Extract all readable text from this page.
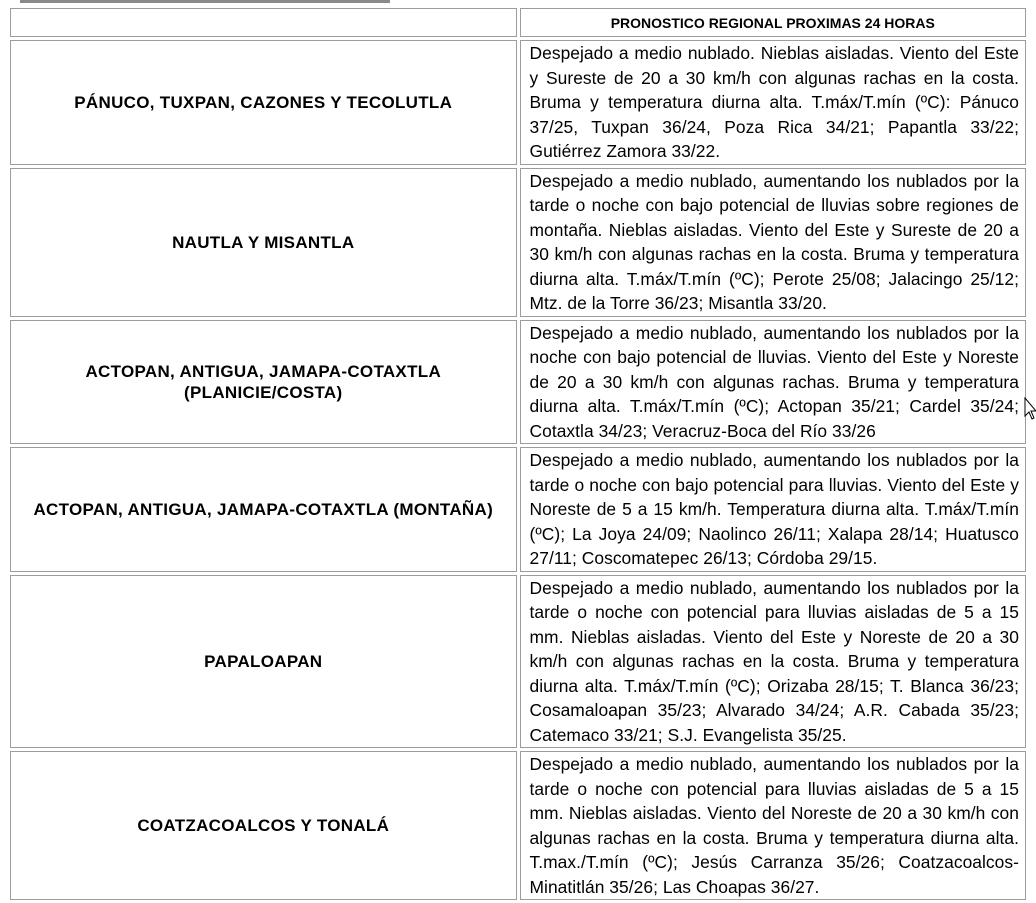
	PRONOSTICO REGIONAL PROXIMAS 24 HORAS
PÁNUCO, TUXPAN, CAZONES Y TECOLUTLA	Despejado a medio nublado. Nieblas aisladas. Viento del Este y Sureste de 20 a 30 km/h con algunas rachas en la costa. Bruma y temperatura diurna alta. T.máx/T.mín (ºC): Pánuco 37/25, Tuxpan 36/24, Poza Rica 34/21; Papantla 33/22; Gutiérrez Zamora 33/22.
NAUTLA Y MISANTLA	Despejado a medio nublado, aumentando los nublados por la tarde o noche con bajo potencial de lluvias sobre regiones de montaña. Nieblas aisladas. Viento del Este y Sureste de 20 a 30 km/h con algunas rachas en la costa. Bruma y temperatura diurna alta. T.máx/T.mín (ºC); Perote 25/08; Jalacingo 25/12; Mtz. de la Torre 36/23; Misantla 33/20.
ACTOPAN, ANTIGUA, JAMAPA-COTAXTLA (PLANICIE/COSTA)	Despejado a medio nublado, aumentando los nublados por la noche con bajo potencial de lluvias. Viento del Este y Noreste de 20 a 30 km/h con algunas rachas. Bruma y temperatura diurna alta. T.máx/T.mín (ºC); Actopan 35/21; Cardel 35/24; Cotaxtla 34/23; Veracruz-Boca del Río 33/26
ACTOPAN, ANTIGUA, JAMAPA-COTAXTLA (MONTAÑA)	Despejado a medio nublado, aumentando los nublados por la tarde o noche con bajo potencial para lluvias. Viento del Este y Noreste de 5 a 15 km/h. Temperatura diurna alta. T.máx/T.mín (ºC); La Joya 24/09; Naolinco 26/11; Xalapa 28/14; Huatusco 27/11; Coscomatepec 26/13; Córdoba 29/15.
PAPALOAPAN	Despejado a medio nublado, aumentando los nublados por la tarde o noche con potencial para lluvias aisladas de 5 a 15 mm. Nieblas aisladas. Viento del Este y Noreste de 20 a 30 km/h con algunas rachas en la costa. Bruma y temperatura diurna alta. T.máx/T.mín (ºC); Orizaba 28/15; T. Blanca 36/23; Cosamaloapan 35/23; Alvarado 34/24; A.R. Cabada 35/23; Catemaco 33/21; S.J. Evangelista 35/25.
COATZACOALCOS Y TONALÁ	Despejado a medio nublado, aumentando los nublados por la tarde o noche con potencial para lluvias aisladas de 5 a 15 mm. Nieblas aisladas. Viento del Noreste de 20 a 30 km/h con algunas rachas en la costa. Bruma y temperatura diurna alta. T.max./T.mín (ºC); Jesús Carranza 35/26; Coatzacoalcos-Minatitlán 35/26; Las Choapas 36/27.
